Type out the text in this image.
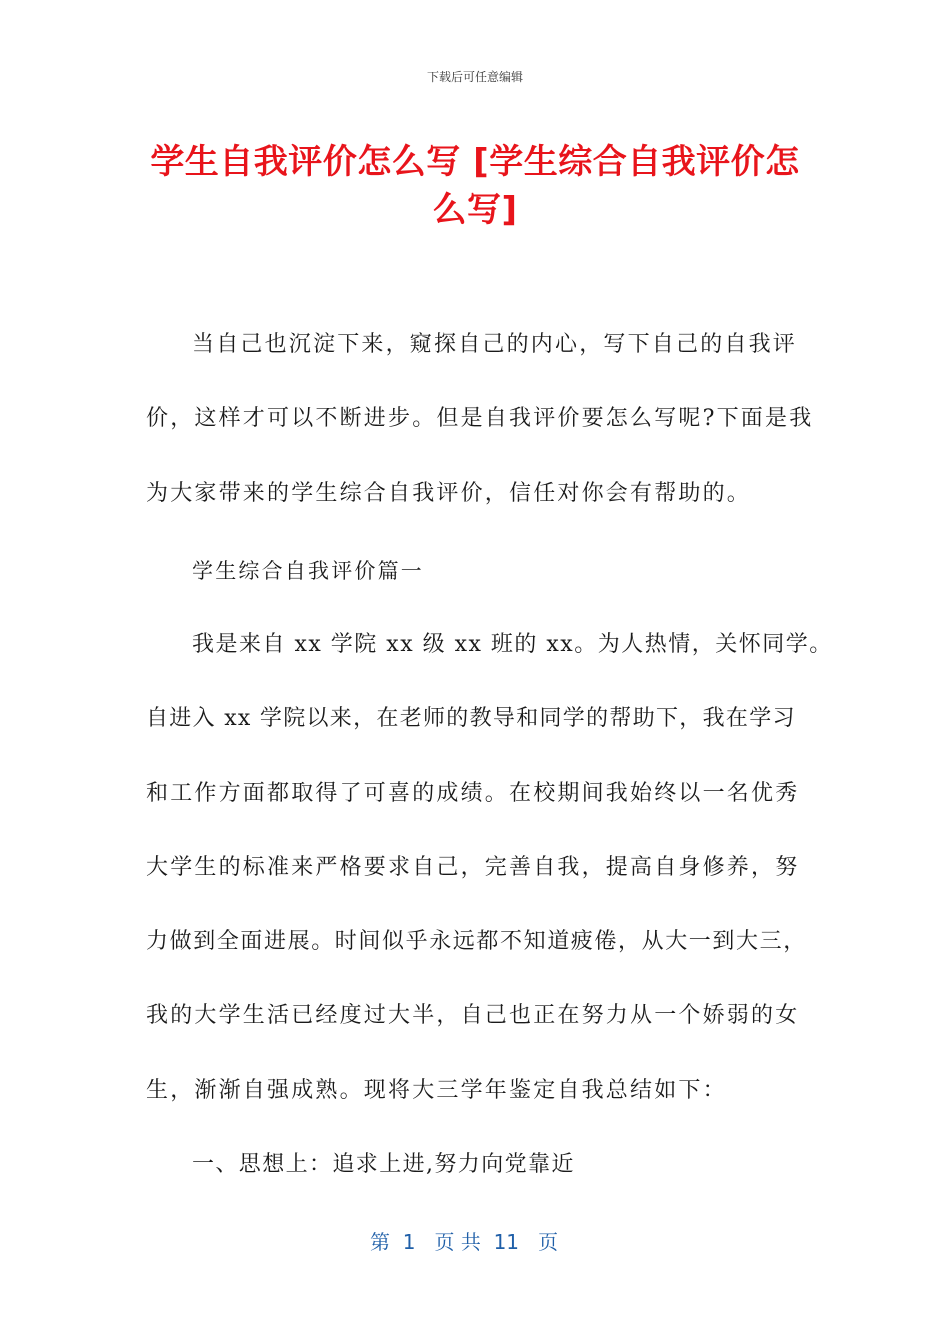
下载后可任意编辑
学生自我评价怎么写 [学生综合自我评价怎么写]
当自己也沉淀下来，窥探自己的内心，写下自己的自我评
价，这样才可以不断进步。但是自我评价要怎么写呢?下面是我
为大家带来的学生综合自我评价，信任对你会有帮助的。
学生综合自我评价篇一
我是来自 xx 学院 xx 级 xx 班的 xx。为人热情，关怀同学。
自进入 xx 学院以来，在老师的教导和同学的帮助下，我在学习
和工作方面都取得了可喜的成绩。在校期间我始终以一名优秀
大学生的标准来严格要求自己，完善自我，提高自身修养，努
力做到全面进展。时间似乎永远都不知道疲倦，从大一到大三，
我的大学生活已经度过大半，自己也正在努力从一个娇弱的女
生，渐渐自强成熟。现将大三学年鉴定自我总结如下：
一、思想上：追求上进,努力向党靠近
第  1   页 共  11   页
